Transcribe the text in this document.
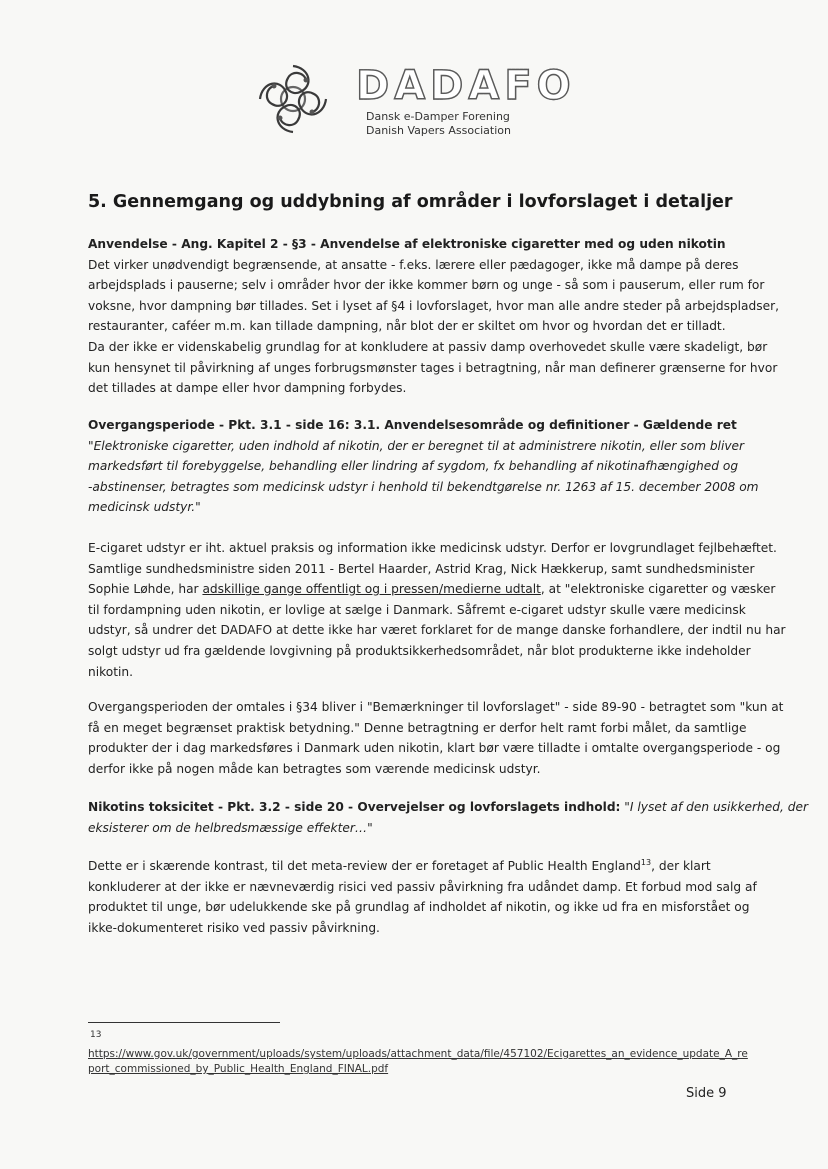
DADAFO
Dansk e-Damper Forening
Danish Vapers Association
5. Gennemgang og uddybning af områder i lovforslaget i detaljer
Anvendelse - Ang. Kapitel 2 - §3 - Anvendelse af elektroniske cigaretter med og uden nikotin
Det virker unødvendigt begrænsende, at ansatte - f.eks. lærere eller pædagoger, ikke må dampe på deres
arbejdsplads i pauserne; selv i områder hvor der ikke kommer børn og unge - så som i pauserum, eller rum for
voksne, hvor dampning bør tillades. Set i lyset af §4 i lovforslaget, hvor man alle andre steder på arbejdspladser,
restauranter, caféer m.m. kan tillade dampning, når blot der er skiltet om hvor og hvordan det er tilladt.
Da der ikke er videnskabelig grundlag for at konkludere at passiv damp overhovedet skulle være skadeligt, bør
kun hensynet til påvirkning af unges forbrugsmønster tages i betragtning, når man definerer grænserne for hvor
det tillades at dampe eller hvor dampning forbydes.
Overgangsperiode - Pkt. 3.1 - side 16: 3.1. Anvendelsesområde og definitioner - Gældende ret
"Elektroniske cigaretter, uden indhold af nikotin, der er beregnet til at administrere nikotin, eller som bliver
markedsført til forebyggelse, behandling eller lindring af sygdom, fx behandling af nikotinafhængighed og
-abstinenser, betragtes som medicinsk udstyr i henhold til bekendtgørelse nr. 1263 af 15. december 2008 om
medicinsk udstyr."
E-cigaret udstyr er iht. aktuel praksis og information ikke medicinsk udstyr. Derfor er lovgrundlaget fejlbehæftet.
Samtlige sundhedsministre siden 2011 - Bertel Haarder, Astrid Krag, Nick Hækkerup, samt sundhedsminister
Sophie Løhde, har adskillige gange offentligt og i pressen/medierne udtalt, at "elektroniske cigaretter og væsker
til fordampning uden nikotin, er lovlige at sælge i Danmark. Såfremt e-cigaret udstyr skulle være medicinsk
udstyr, så undrer det DADAFO at dette ikke har været forklaret for de mange danske forhandlere, der indtil nu har
solgt udstyr ud fra gældende lovgivning på produktsikkerhedsområdet, når blot produkterne ikke indeholder
nikotin.
Overgangsperioden der omtales i §34 bliver i "Bemærkninger til lovforslaget" - side 89-90 - betragtet som "kun at
få en meget begrænset praktisk betydning." Denne betragtning er derfor helt ramt forbi målet, da samtlige
produkter der i dag markedsføres i Danmark uden nikotin, klart bør være tilladte i omtalte overgangsperiode - og
derfor ikke på nogen måde kan betragtes som værende medicinsk udstyr.
Nikotins toksicitet - Pkt. 3.2 - side 20 - Overvejelser og lovforslagets indhold: "I lyset af den usikkerhed, der
eksisterer om de helbredsmæssige effekter…"
Dette er i skærende kontrast, til det meta-review der er foretaget af Public Health England$^{13}$, der klart
konkluderer at der ikke er nævneværdig risici ved passiv påvirkning fra udåndet damp. Et forbud mod salg af
produktet til unge, bør udelukkende ske på grundlag af indholdet af nikotin, og ikke ud fra en misforstået og
ikke-dokumenteret risiko ved passiv påvirkning.
13
https://www.gov.uk/government/uploads/system/uploads/attachment_data/file/457102/Ecigarettes_an_evidence_update_A_re
port_commissioned_by_Public_Health_England_FINAL.pdf
Side 9
